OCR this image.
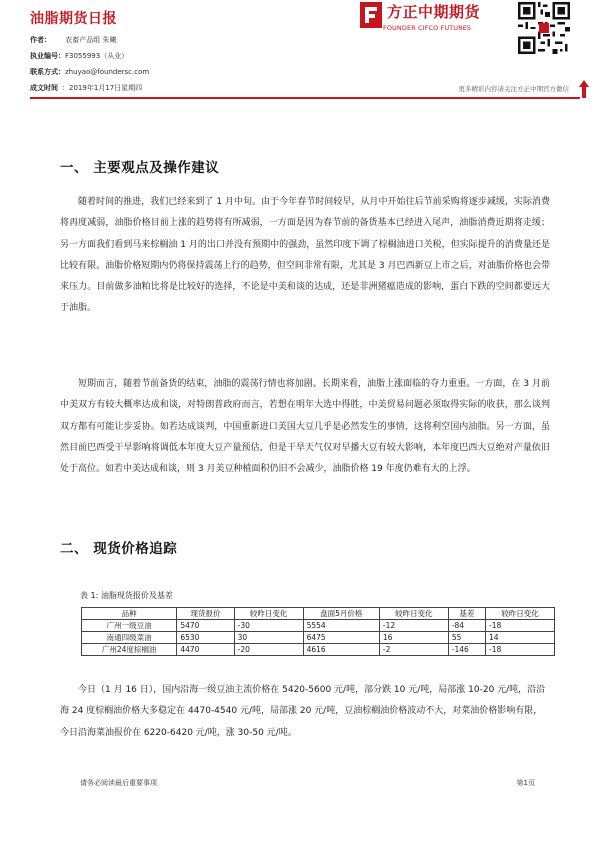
油脂期货日报
作者： 农畜产品组 朱曦
执业编号：F3055993（从业）
联系方式：zhuyao@foundersc.com
成文时间 ：2019年1月17日星期四
方正中期期货
FOUNDER CIFCO FUTURES
更多精彩内容请关注方正中期官方微信
一、 主要观点及操作建议
随着时间的推进，我们已经来到了 1 月中旬。由于今年春节时间较早，从月中开始往后节前采购将逐步减缓，实际消费将再度减弱，油脂价格目前上涨的趋势将有所减弱，一方面是因为春节前的备货基本已经进入尾声，油脂消费近期将走缓；另一方面我们看到马来棕榈油 1 月的出口并没有预期中的强劲，虽然印度下调了棕榈油进口关税，但实际提升的消费量还是比较有限。油脂价格短期内仍将保持震荡上行的趋势，但空间非常有限，尤其是 3 月巴西新豆上市之后，对油脂价格也会带来压力。目前做多油粕比将是比较好的选择，不论是中美和谈的达成，还是非洲猪瘟造成的影响，蛋白下跌的空间都要远大于油脂。
短期而言，随着节前备货的结束，油脂的震荡行情也将加剧。长期来看，油脂上涨面临的夺力重重。一方面，在 3 月前中美双方有较大概率达成和谈，对特朗普政府而言，若想在明年大选中得胜，中美贸易问题必须取得实际的收获，那么谈判双方都有可能让步妥协。如若达成谈判，中国重新进口美国大豆几乎是必然发生的事情，这将利空国内油脂。另一方面，虽然目前巴西受干旱影响将调低本年度大豆产量预估，但是干旱天气仅对早播大豆有较大影响，本年度巴西大豆绝对产量依旧处于高位。如若中美达成和谈，则 3 月美豆种植面积仍旧不会减少，油脂价格 19 年度仍难有大的上浮。
二、 现货价格追踪
表 1: 油脂现货报价及基差
品种	现货报价	较昨日变化	盘面5月价格	较昨日变化	基差	较昨日变化
广州一级豆油	5470	-30	5554	-12	-84	-18
南通四级菜油	6530	30	6475	16	55	14
广州24度棕榈油	4470	-20	4616	-2	-146	-18
今日（1 月 16 日），国内沿海一级豆油主流价格在 5420-5600 元/吨，部分跌 10 元/吨，局部涨 10-20 元/吨，沿沿海 24 度棕榈油价格大多稳定在 4470-4540 元/吨，局部涨 20 元/吨，豆油棕榈油价格波动不大，对菜油价格影响有限，今日沿海菜油报价在 6220-6420 元/吨，涨 30-50 元/吨。
请务必阅读最后重要事项	第1页
